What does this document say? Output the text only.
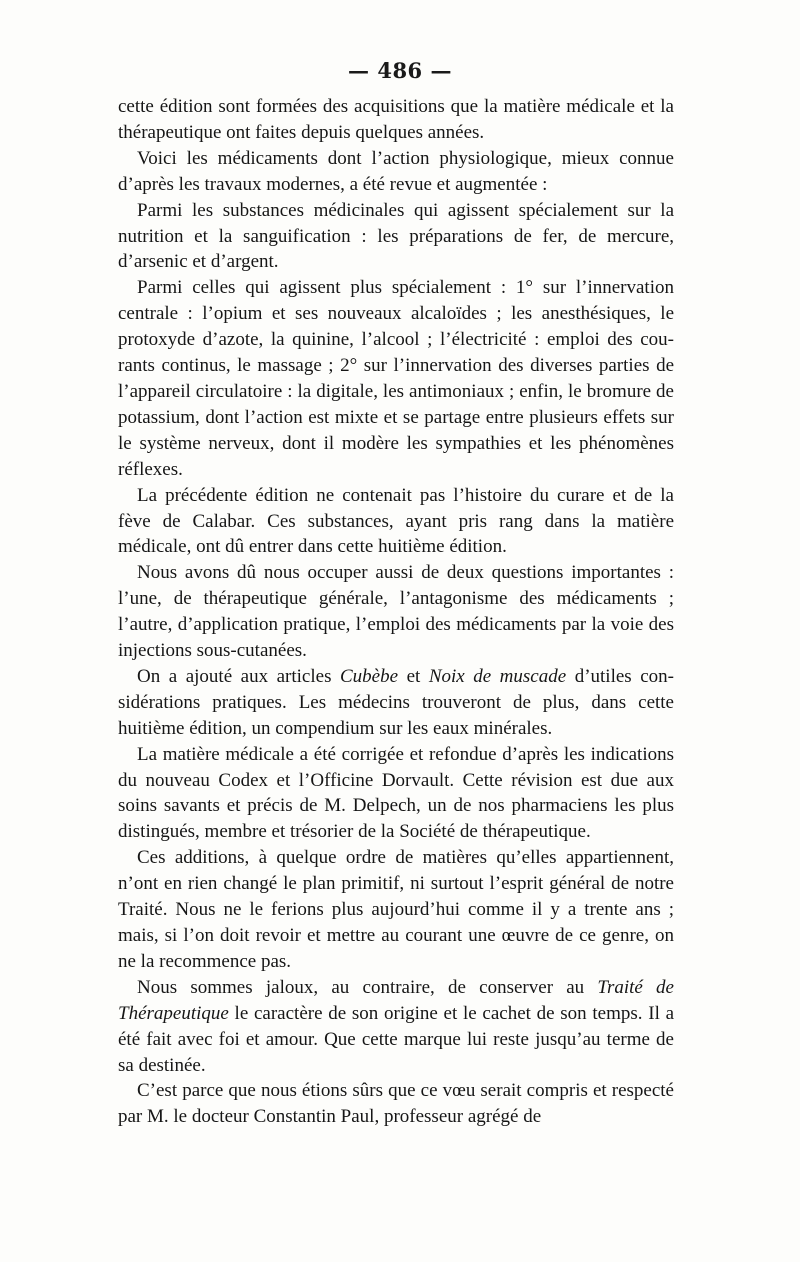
— 486 —

cette édition sont formées des acquisitions que la matière médicale et la thérapeutique ont faites depuis quelques années.

Voici les médicaments dont l’action physiologique, mieux connue d’après les travaux modernes, a été revue et augmentée :

Parmi les substances médicinales qui agissent spécialement sur la nutrition et la sanguification : les préparations de fer, de mercure, d’arsenic et d’argent.

Parmi celles qui agissent plus spécialement : 1° sur l’innervation centrale : l’opium et ses nouveaux alcaloïdes ; les anesthésiques, le protoxyde d’azote, la quinine, l’alcool ; l’électricité : emploi des courants continus, le massage ; 2° sur l’innervation des diverses parties de l’appareil circulatoire : la digitale, les antimoniaux ; enfin, le bromure de potassium, dont l’action est mixte et se partage entre plusieurs effets sur le système nerveux, dont il modère les sympathies et les phénomènes réflexes.

La précédente édition ne contenait pas l’histoire du curare et de la fève de Calabar. Ces substances, ayant pris rang dans la matière médicale, ont dû entrer dans cette huitième édition.

Nous avons dû nous occuper aussi de deux questions importantes : l’une, de thérapeutique générale, l’antagonisme des médicaments ; l’autre, d’application pratique, l’emploi des médicaments par la voie des injections sous-cutanées.

On a ajouté aux articles Cubèbe et Noix de muscade d’utiles considérations pratiques. Les médecins trouveront de plus, dans cette huitième édition, un compendium sur les eaux minérales.

La matière médicale a été corrigée et refondue d’après les indications du nouveau Codex et l’Officine Dorvault. Cette révision est due aux soins savants et précis de M. Delpech, un de nos pharmaciens les plus distingués, membre et trésorier de la Société de thérapeutique.

Ces additions, à quelque ordre de matières qu’elles appartiennent, n’ont en rien changé le plan primitif, ni surtout l’esprit général de notre Traité. Nous ne le ferions plus aujourd’hui comme il y a trente ans ; mais, si l’on doit revoir et mettre au courant une œuvre de ce genre, on ne la recommence pas.

Nous sommes jaloux, au contraire, de conserver au Traité de Thérapeutique le caractère de son origine et le cachet de son temps. Il a été fait avec foi et amour. Que cette marque lui reste jusqu’au terme de sa destinée.

C’est parce que nous étions sûrs que ce vœu serait compris et respecté par M. le docteur Constantin Paul, professeur agrégé de
